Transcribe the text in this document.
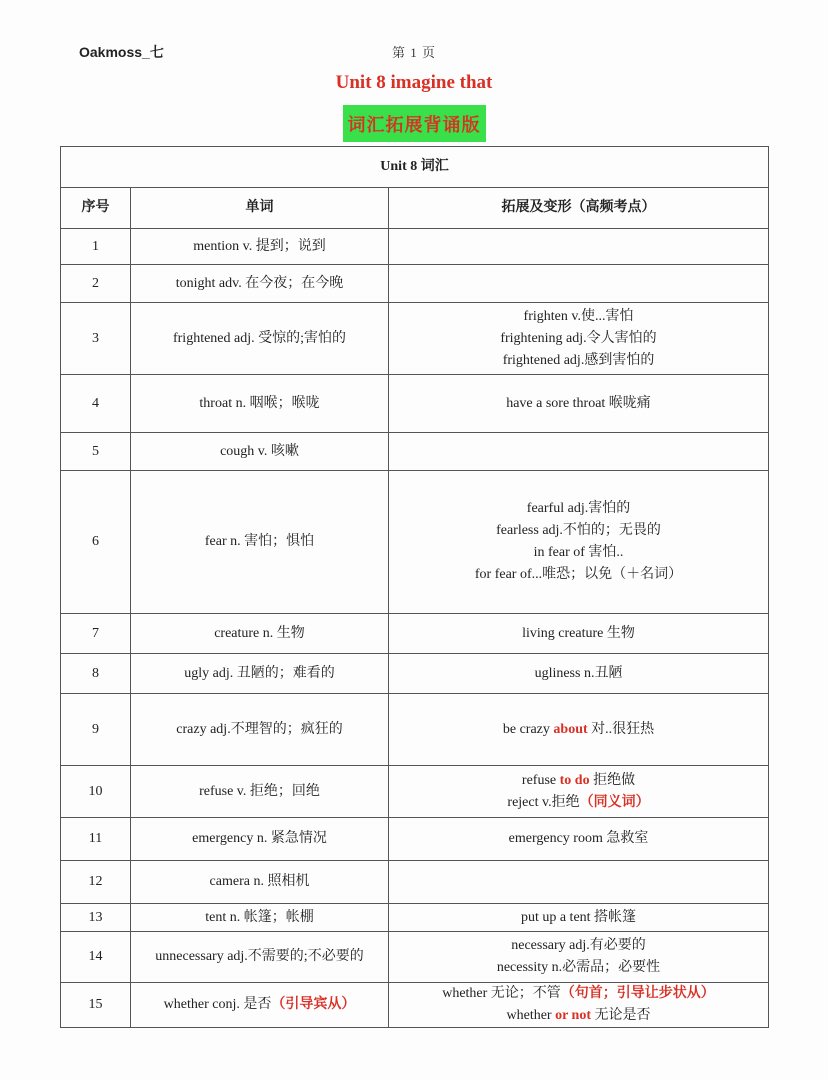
Oakmoss_七	第 1 页
Unit 8 imagine that
词汇拓展背诵版
Unit 8 词汇		
序号	单词	拓展及变形（高频考点）
1	mention v. 提到；说到	
2	tonight adv. 在今夜；在今晚	
3	frightened adj. 受惊的;害怕的	frighten v.使...害怕
frightening adj.令人害怕的
frightened adj.感到害怕的

4	throat n. 咽喉；喉咙	have a sore throat 喉咙痛

5	cough v. 咳嗽	
6	fear n. 害怕；惧怕	fearful adj.害怕的
fearless adj.不怕的；无畏的
in fear of 害怕..
for fear of...唯恐；以免（＋名词）

7	creature n. 生物	living creature 生物

8	ugly adj. 丑陋的；难看的	ugliness n.丑陋

9	crazy adj.不理智的；疯狂的	be crazy about 对..很狂热

10	refuse v. 拒绝；回绝	refuse to do 拒绝做
reject v.拒绝（同义词）

11	emergency n. 紧急情况	emergency room 急救室

12	camera n. 照相机	
13	tent n. 帐篷；帐棚	put up a tent 搭帐篷

14	unnecessary adj.不需要的;不必要的	necessary adj.有必要的
necessity n.必需品；必要性

15	whether conj. 是否（引导宾从）	whether 无论；不管（句首；引导让步状从）
whether or not 无论是否
